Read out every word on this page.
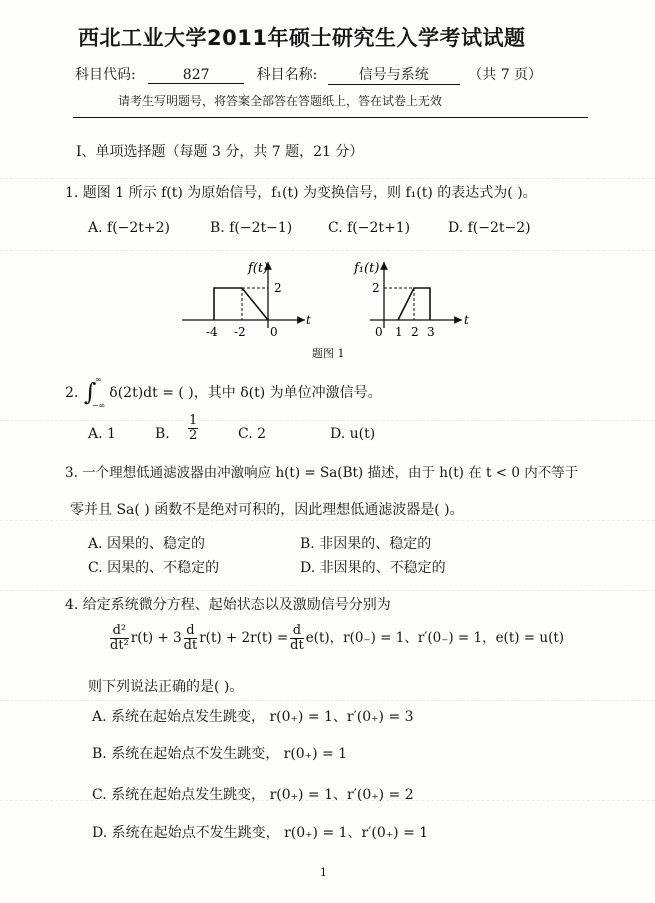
西北工业大学2011年硕士研究生入学考试试题
科目代码:	827	科目名称:	信号与系统	（共 7 页）
请考生写明题号，将答案全部答在答题纸上，答在试卷上无效
Ⅰ、单项选择题（每题 3 分，共 7 题，21 分）
1. 题图 1 所示 f(t) 为原始信号，f₁(t) 为变换信号，则 f₁(t) 的表达式为( )。
A. f(−2t+2)	B. f(−2t−1)	C. f(−2t+1)	D. f(−2t−2)
f(t)
2
-4 -2 0
t
f₁(t)
2
0 1 2 3
t
题图 1
2. ∫
∞
−∞
δ(2t)dt = ( )，其中 δ(t) 为单位冲激信号。
A. 1	B. $\frac{1}{2}$	C. 2	D. u(t)
3. 一个理想低通滤波器由冲激响应 h(t) = Sa(Bt) 描述，由于 h(t) 在 t < 0 内不等于
零并且 Sa( ) 函数不是绝对可积的，因此理想低通滤波器是( )。
A. 因果的、稳定的	B. 非因果的、稳定的
C. 因果的、不稳定的	D. 非因果的、不稳定的
4. 给定系统微分方程、起始状态以及激励信号分别为
$\frac{\text{d²}}{\text{dt²}} r(t) + 3 \frac{d}{dt} r(t) + 2r(t) = \frac{d}{dt} e(t)$，r(0₋) = 1、r′(0₋) = 1，e(t) = u(t)
则下列说法正确的是( )。
A. 系统在起始点发生跳变， r(0₊) = 1、r′(0₊) = 3
B. 系统在起始点不发生跳变， r(0₊) = 1
C. 系统在起始点发生跳变， r(0₊) = 1、r′(0₊) = 2
D. 系统在起始点不发生跳变， r(0₊) = 1、r′(0₊) = 1
1
